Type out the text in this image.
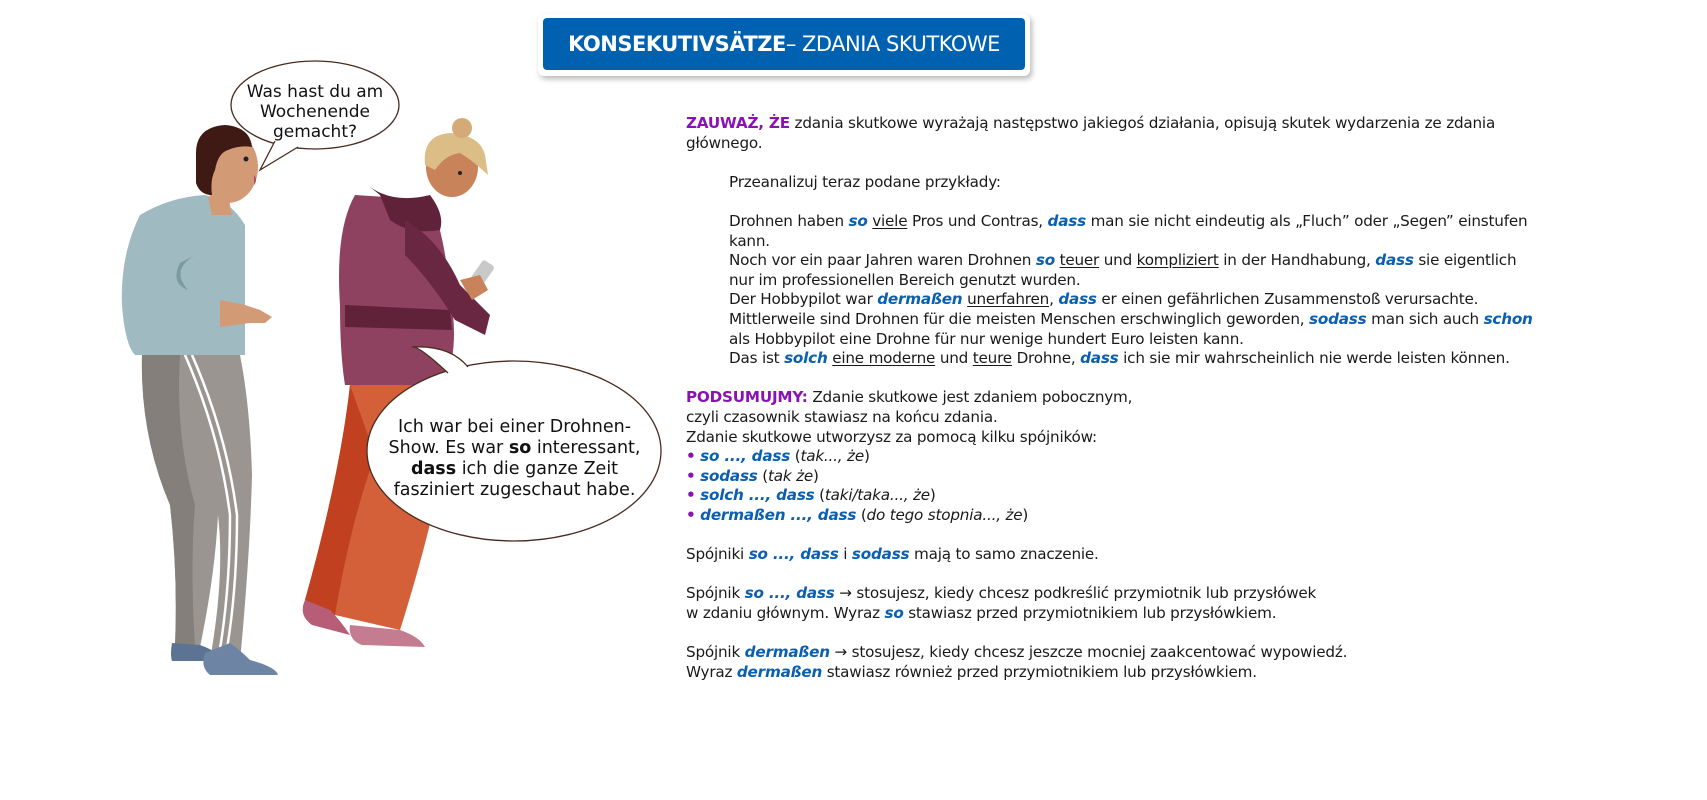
KONSEKUTIVSÄTZE – ZDANIA SKUTKOWE
Was hast du am
Wochenende
gemacht?
Ich war bei einer Drohnen-
Show. Es war so interessant,
dass ich die ganze Zeit
fasziniert zugeschaut habe.

ZAUWAŻ, ŻE zdania skutkowe wyrażają następstwo jakiegoś działania, opisują skutek wydarzenia ze zdania

głównego.

Przeanalizuj teraz podane przykłady:

Drohnen haben so viele Pros und Contras, dass man sie nicht eindeutig als „Fluch” oder „Segen” einstufen

kann.

Noch vor ein paar Jahren waren Drohnen so teuer und kompliziert in der Handhabung, dass sie eigentlich

nur im professionellen Bereich genutzt wurden.

Der Hobbypilot war dermaßen unerfahren, dass er einen gefährlichen Zusammenstoß verursachte.

Mittlerweile sind Drohnen für die meisten Menschen erschwinglich geworden, sodass man sich auch schon

als Hobbypilot eine Drohne für nur wenige hundert Euro leisten kann.

Das ist solch eine moderne und teure Drohne, dass ich sie mir wahrscheinlich nie werde leisten können.

PODSUMUJMY: Zdanie skutkowe jest zdaniem pobocznym,

czyli czasownik stawiasz na końcu zdania.

Zdanie skutkowe utworzysz za pomocą kilku spójników:

• so ..., dass (tak..., że)

• sodass (tak że)

• solch ..., dass (taki/taka..., że)

• dermaßen ..., dass (do tego stopnia..., że)

Spójniki so ..., dass i sodass mają to samo znaczenie.

Spójnik so ..., dass → stosujesz, kiedy chcesz podkreślić przymiotnik lub przysłówek

w zdaniu głównym. Wyraz so stawiasz przed przymiotnikiem lub przysłówkiem.

Spójnik dermaßen → stosujesz, kiedy chcesz jeszcze mocniej zaakcentować wypowiedź.

Wyraz dermaßen stawiasz również przed przymiotnikiem lub przysłówkiem.
